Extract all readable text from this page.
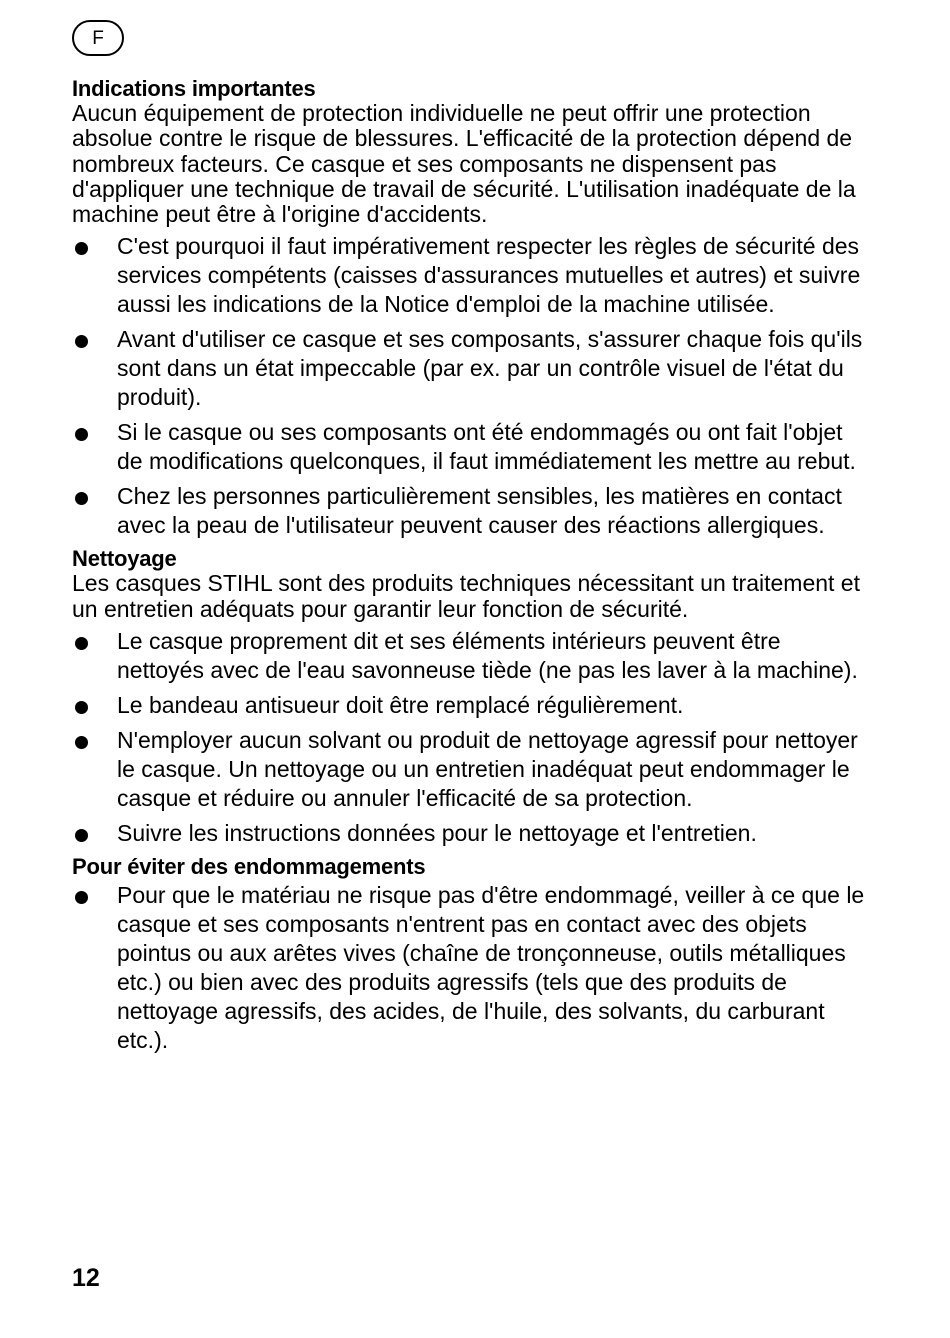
F
Indications importantes

Aucun équipement de protection individuelle ne peut offrir une protection absolue contre le risque de blessures. L'efficacité de la protection dépend de nombreux facteurs. Ce casque et ses composants ne dispensent pas d'appliquer une technique de travail de sécurité. L'utilisation inadéquate de la machine peut être à l'origine d'accidents.

C'est pourquoi il faut impérativement respecter les règles de sécurité des services compétents (caisses d'assurances mutuelles et autres) et suivre aussi les indications de la Notice d'emploi de la machine utilisée.
Avant d'utiliser ce casque et ses composants, s'assurer chaque fois qu'ils sont dans un état impeccable (par ex. par un contrôle visuel de l'état du produit).
Si le casque ou ses composants ont été endommagés ou ont fait l'objet de modifications quelconques, il faut immédiatement les mettre au rebut.
Chez les personnes particulièrement sensibles, les matières en contact avec la peau de l'utilisateur peuvent causer des réactions allergiques.
Nettoyage

Les casques STIHL sont des produits techniques nécessitant un traitement et un entretien adéquats pour garantir leur fonction de sécurité.

Le casque proprement dit et ses éléments intérieurs peuvent être nettoyés avec de l'eau savonneuse tiède (ne pas les laver à la machine).
Le bandeau antisueur doit être remplacé régulièrement.
N'employer aucun solvant ou produit de nettoyage agressif pour nettoyer le casque. Un nettoyage ou un entretien inadéquat peut endommager le casque et réduire ou annuler l'efficacité de sa protection.
Suivre les instructions données pour le nettoyage et l'entretien.
Pour éviter des endommagements
Pour que le matériau ne risque pas d'être endommagé, veiller à ce que le casque et ses composants n'entrent pas en contact avec des objets pointus ou aux arêtes vives (chaîne de tronçonneuse, outils métalliques etc.) ou bien avec des produits agressifs (tels que des produits de nettoyage agressifs, des acides, de l'huile, des solvants, du carburant etc.).
12
